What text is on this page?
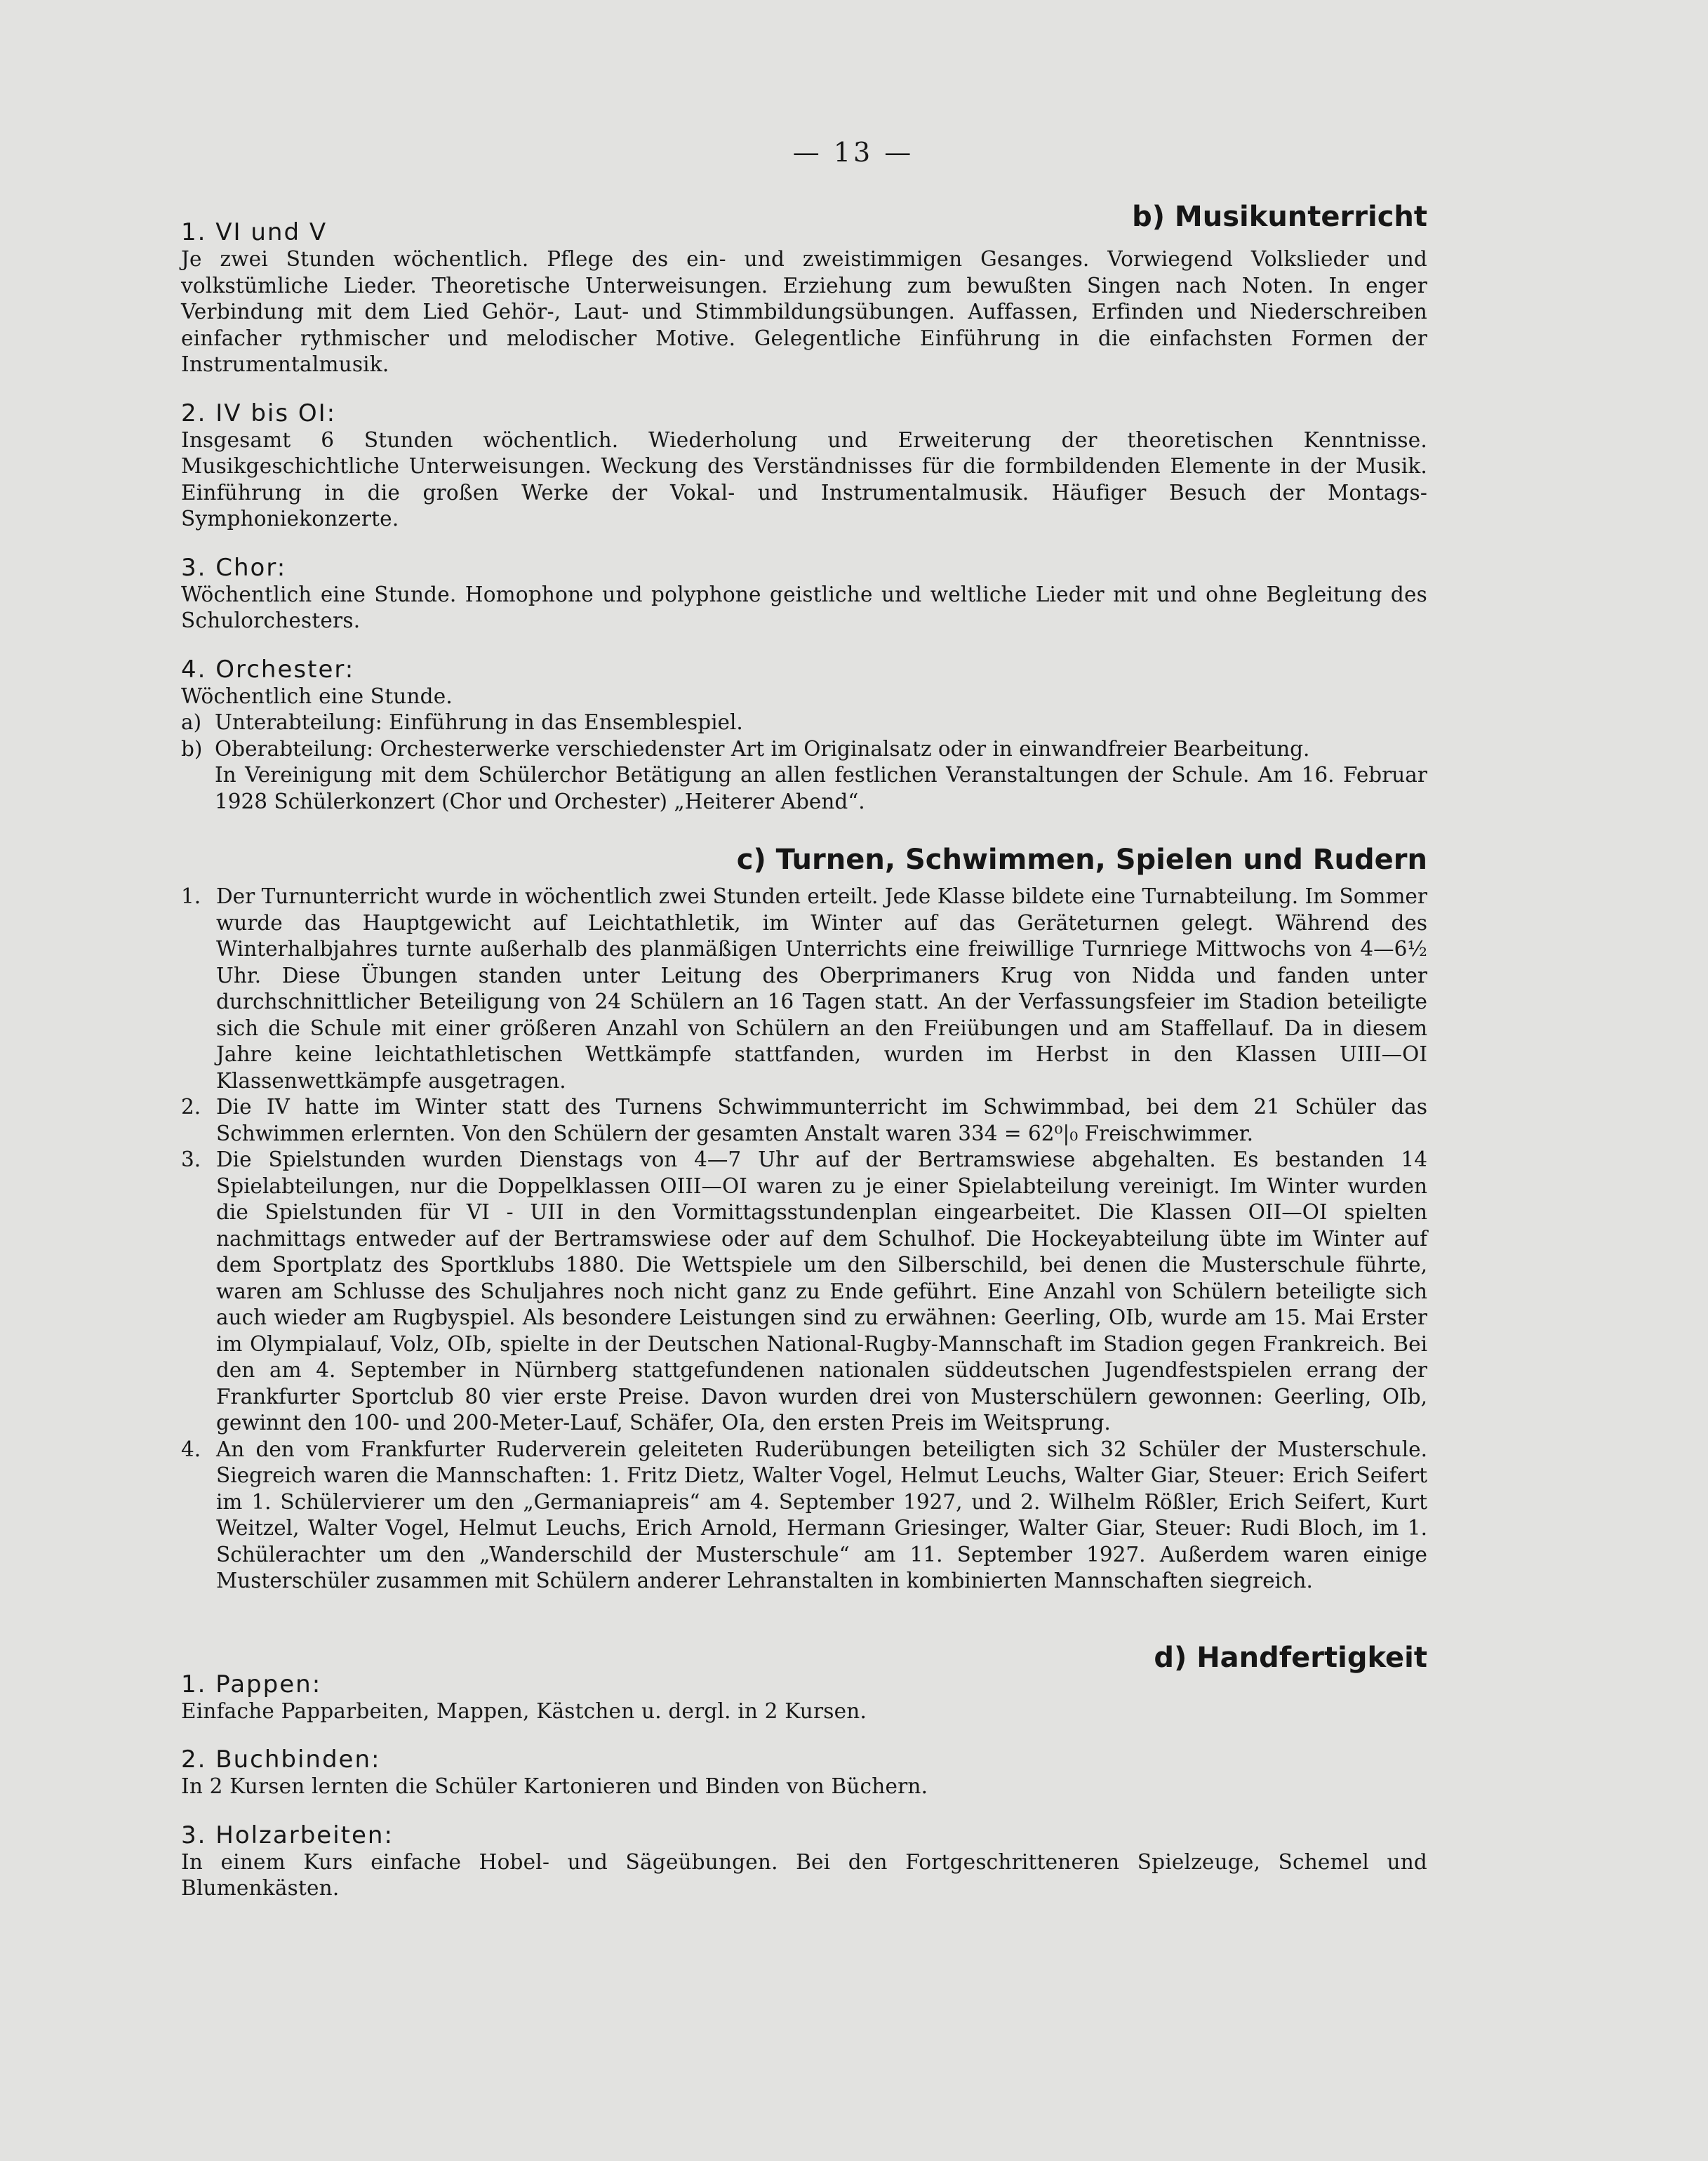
— 13 —
b) Musikunterricht
1. VI und V

Je zwei Stunden wöchentlich. Pflege des ein- und zweistimmigen Gesanges. Vorwiegend Volkslieder und volkstümliche Lieder. Theoretische Unterweisungen. Erziehung zum bewußten Singen nach Noten. In enger Verbindung mit dem Lied Gehör-, Laut- und Stimmbildungsübungen. Auffassen, Erfinden und Niederschreiben einfacher rythmischer und melodischer Motive. Gelegentliche Einführung in die einfachsten Formen der Instrumentalmusik.

2. IV bis OI:

Insgesamt 6 Stunden wöchentlich. Wiederholung und Erweiterung der theoretischen Kenntnisse. Musikgeschichtliche Unterweisungen. Weckung des Verständnisses für die formbildenden Elemente in der Musik. Einführung in die großen Werke der Vokal- und Instrumentalmusik. Häufiger Besuch der Montags-Symphoniekonzerte.

3. Chor:

Wöchentlich eine Stunde. Homophone und polyphone geistliche und weltliche Lieder mit und ohne Begleitung des Schulorchesters.

4. Orchester:
Wöchentlich eine Stunde.
a) Unterabteilung: Einführung in das Ensemblespiel.
b) Oberabteilung: Orchesterwerke verschiedenster Art im Originalsatz oder in einwandfreier Bearbeitung.
In Vereinigung mit dem Schülerchor Betätigung an allen festlichen Veranstaltungen der Schule. Am 16. Februar 1928 Schülerkonzert (Chor und Orchester) „Heiterer Abend“.
c) Turnen, Schwimmen, Spielen und Rudern
1. Der Turnunterricht wurde in wöchentlich zwei Stunden erteilt. Jede Klasse bildete eine Turnabteilung. Im Sommer wurde das Hauptgewicht auf Leichtathletik, im Winter auf das Geräteturnen gelegt. Während des Winterhalbjahres turnte außerhalb des planmäßigen Unterrichts eine freiwillige Turnriege Mittwochs von 4—6½ Uhr. Diese Übungen standen unter Leitung des Oberprimaners Krug von Nidda und fanden unter durchschnittlicher Beteiligung von 24 Schülern an 16 Tagen statt. An der Verfassungsfeier im Stadion beteiligte sich die Schule mit einer größeren Anzahl von Schülern an den Freiübungen und am Staffellauf. Da in diesem Jahre keine leichtathletischen Wettkämpfe stattfanden, wurden im Herbst in den Klassen UIII—OI Klassenwettkämpfe ausgetragen.
2. Die IV hatte im Winter statt des Turnens Schwimmunterricht im Schwimmbad, bei dem 21 Schüler das Schwimmen erlernten. Von den Schülern der gesamten Anstalt waren 334 = 62⁰|₀ Freischwimmer.
3. Die Spielstunden wurden Dienstags von 4—7 Uhr auf der Bertramswiese abgehalten. Es bestanden 14 Spielabteilungen, nur die Doppelklassen OIII—OI waren zu je einer Spielabteilung vereinigt. Im Winter wurden die Spielstunden für VI - UII in den Vormittagsstundenplan eingearbeitet. Die Klassen OII—OI spielten nachmittags entweder auf der Bertramswiese oder auf dem Schulhof. Die Hockeyabteilung übte im Winter auf dem Sportplatz des Sportklubs 1880. Die Wettspiele um den Silberschild, bei denen die Musterschule führte, waren am Schlusse des Schuljahres noch nicht ganz zu Ende geführt. Eine Anzahl von Schülern beteiligte sich auch wieder am Rugbyspiel. Als besondere Leistungen sind zu erwähnen: Geerling, OIb, wurde am 15. Mai Erster im Olympialauf, Volz, OIb, spielte in der Deutschen National-Rugby-Mannschaft im Stadion gegen Frankreich. Bei den am 4. September in Nürnberg stattgefundenen nationalen süddeutschen Jugendfestspielen errang der Frankfurter Sportclub 80 vier erste Preise. Davon wurden drei von Musterschülern gewonnen: Geerling, OIb, gewinnt den 100- und 200-Meter-Lauf, Schäfer, OIa, den ersten Preis im Weitsprung.
4. An den vom Frankfurter Ruderverein geleiteten Ruderübungen beteiligten sich 32 Schüler der Musterschule. Siegreich waren die Mannschaften: 1. Fritz Dietz, Walter Vogel, Helmut Leuchs, Walter Giar, Steuer: Erich Seifert im 1. Schülervierer um den „Germaniapreis“ am 4. September 1927, und 2. Wilhelm Rößler, Erich Seifert, Kurt Weitzel, Walter Vogel, Helmut Leuchs, Erich Arnold, Hermann Griesinger, Walter Giar, Steuer: Rudi Bloch, im 1. Schülerachter um den „Wanderschild der Musterschule“ am 11. September 1927. Außerdem waren einige Musterschüler zusammen mit Schülern anderer Lehranstalten in kombinierten Mannschaften siegreich.
d) Handfertigkeit
1. Pappen:

Einfache Papparbeiten, Mappen, Kästchen u. dergl. in 2 Kursen.

2. Buchbinden:

In 2 Kursen lernten die Schüler Kartonieren und Binden von Büchern.

3. Holzarbeiten:

In einem Kurs einfache Hobel- und Sägeübungen. Bei den Fortgeschritteneren Spielzeuge, Schemel und Blumenkästen.
